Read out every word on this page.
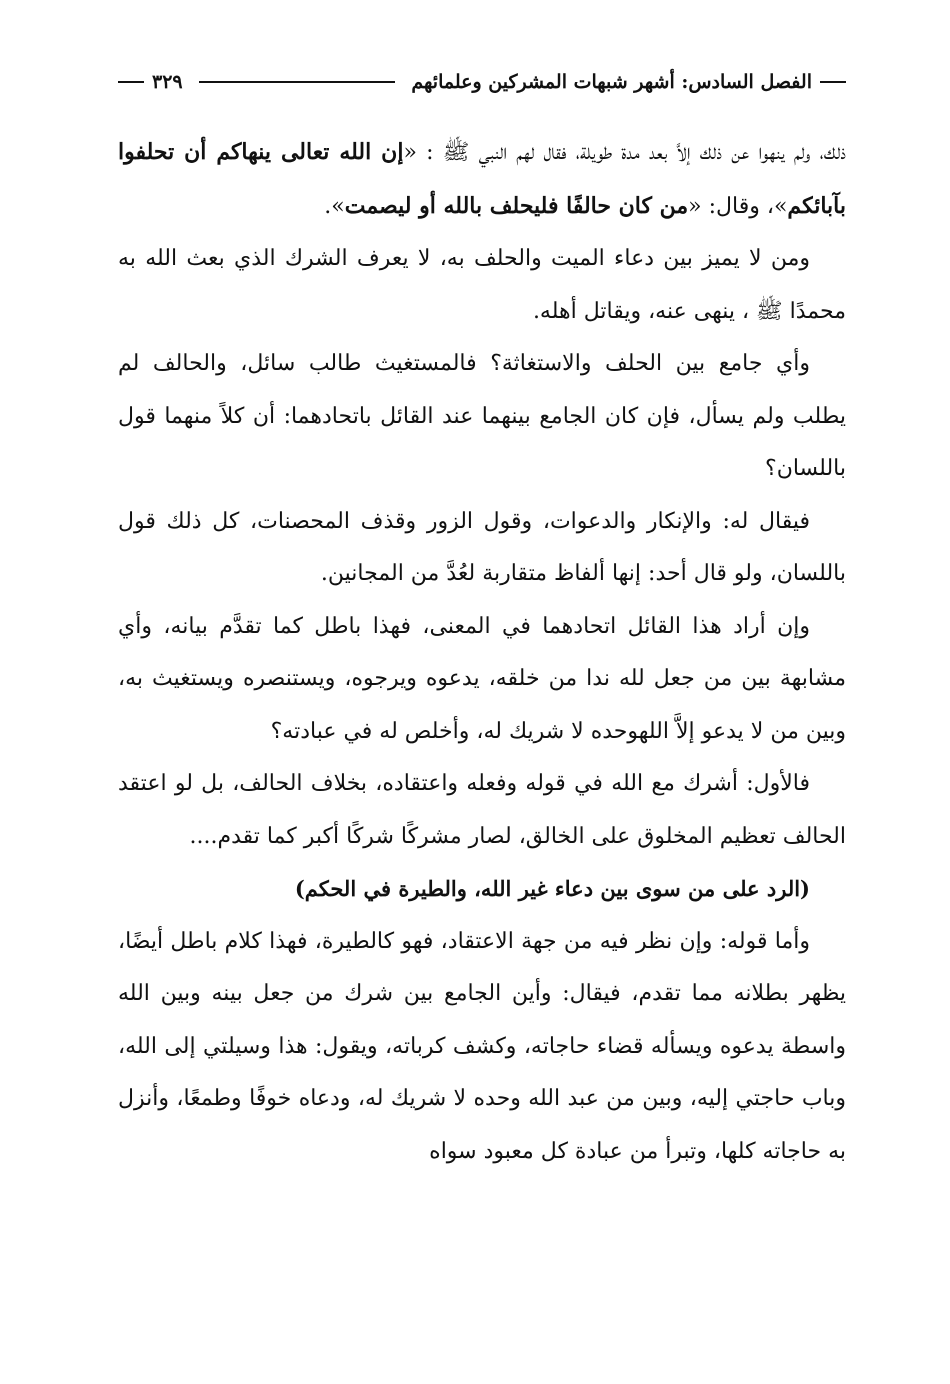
الفصل السادس: أشهر شبهات المشركين وعلمائهم
٣٢٩

ذلك، ولم ينهوا عن ذلك إلاَّ بعد مدة طويلة، فقال لهم النبي ﷺ : «إن الله تعالى ينهاكم أن تحلفوا بآبائكم»، وقال: «من كان حالفًا فليحلف بالله أو ليصمت».

ومن لا يميز بين دعاء الميت والحلف به، لا يعرف الشرك الذي بعث الله به محمدًا ﷺ ، ينهى عنه، ويقاتل أهله.

وأي جامع بين الحلف والاستغاثة؟ فالمستغيث طالب سائل، والحالف لم يطلب ولم يسأل، فإن كان الجامع بينهما عند القائل باتحادهما: أن كلاً منهما قول باللسان؟

فيقال له: والإنكار والدعوات، وقول الزور وقذف المحصنات، كل ذلك قول باللسان، ولو قال أحد: إنها ألفاظ متقاربة لعُدَّ من المجانين.

وإن أراد هذا القائل اتحادهما في المعنى، فهذا باطل كما تقدَّم بيانه، وأي مشابهة بين من جعل لله ندا من خلقه، يدعوه ويرجوه، ويستنصره ويستغيث به، وبين من لا يدعو إلاَّ اللهوحده لا شريك له، وأخلص له في عبادته؟

فالأول: أشرك مع الله في قوله وفعله واعتقاده، بخلاف الحالف، بل لو اعتقد الحالف تعظيم المخلوق على الخالق، لصار مشركًا شركًا أكبر كما تقدم....

(الرد على من سوى بين دعاء غير الله، والطيرة في الحكم)

وأما قوله: وإن نظر فيه من جهة الاعتقاد، فهو كالطيرة، فهذا كلام باطل أيضًا، يظهر بطلانه مما تقدم، فيقال: وأين الجامع بين شرك من جعل بينه وبين الله واسطة يدعوه ويسأله قضاء حاجاته، وكشف كرباته، ويقول: هذا وسيلتي إلى الله، وباب حاجتي إليه، وبين من عبد الله وحده لا شريك له، ودعاه خوفًا وطمعًا، وأنزل به حاجاته كلها، وتبرأ من عبادة كل معبود سواه
